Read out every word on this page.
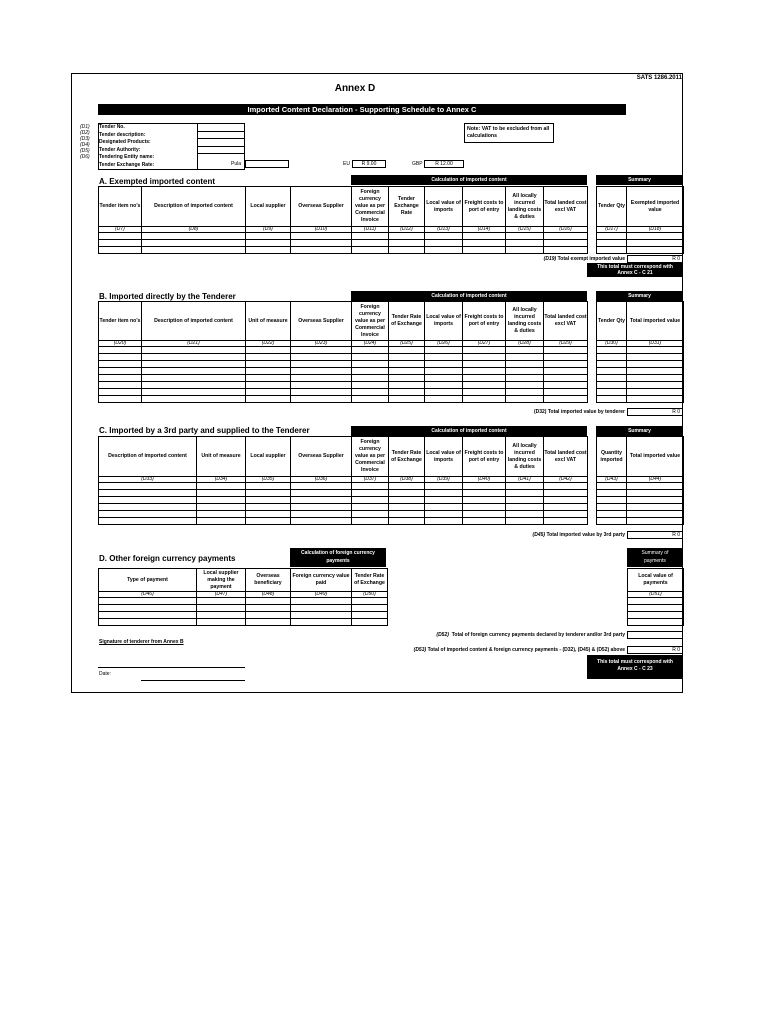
SATS 1286.2011
Annex D
Imported Content Declaration - Supporting Schedule to Annex C
(D1)
(D2)
(D3)
(D4)
(D5)
(D6)
Tender No.
Tender description:
Designated Products:
Tender Authority:
Tendering Entity name:
Tender Exchange Rate:	Pula	EU	R 9.00	GBP	R 12.00
Note: VAT to be excluded from all calculations
A. Exempted imported content	Calculation of imported content	Summary
Tender item no's	Description of imported content	Local supplier	Overseas Supplier	Foreign currency value as per Commercial Invoice	Tender Exchange Rate	Local value of imports	Freight costs to port of entry	All locally incurred landing costs & duties	Total landed cost excl VAT
(D7)	(D8)	(D9)	(D10)	(D11)	(D12)	(D13)	(D14)	(D15)	(D16)

Tender Qty	Exempted imported value
(D17)	(D18)

(D19) Total exempt imported value	R 0
This total must correspond with Annex C - C 21
B. Imported directly by the Tenderer	Calculation of imported content	Summary
Tender item no's	Description of imported content	Unit of measure	Overseas Supplier	Foreign currency value as per Commercial Invoice	Tender Rate of Exchange	Local value of imports	Freight costs to port of entry	All locally incurred landing costs & duties	Total landed cost excl VAT
(D20)	(D21)	(D22)	(D23)	(D24)	(D25)	(D26)	(D27)	(D28)	(D29)

Tender Qty	Total imported value
(D30)	(D31)

(D32) Total imported value by tenderer	R 0
C. Imported by a 3rd party and supplied to the Tenderer	Calculation of imported content	Summary
Description of imported content	Unit of measure	Local supplier	Overseas Supplier	Foreign currency value as per Commercial Invoice	Tender Rate of Exchange	Local value of imports	Freight costs to port of entry	All locally incurred landing costs & duties	Total landed cost excl VAT
(D33)	(D34)	(D35)	(D36)	(D37)	(D38)	(D39)	(D40)	(D41)	(D42)

Quantity imported	Total imported value
(D43)	(D44)

(D45) Total imported value by 3rd party	R 0
D. Other foreign currency payments
Calculation of foreign currency payments
Summary of payments
Type of payment	Local supplier making the payment	Overseas beneficiary	Foreign currency value paid	Tender Rate of Exchange
(D46)	(D47)	(D48)	(D49)	(D50)

Local value of payments
(D51)

(D52) Total of foreign currency payments declared by tenderer and/or 3rd party
(D53) Total of imported content & foreign currency payments - (D32), (D45) & (D52) above	R 0
This total must correspond with Annex C - C 23
Signature of tenderer from Annex B
Date:
